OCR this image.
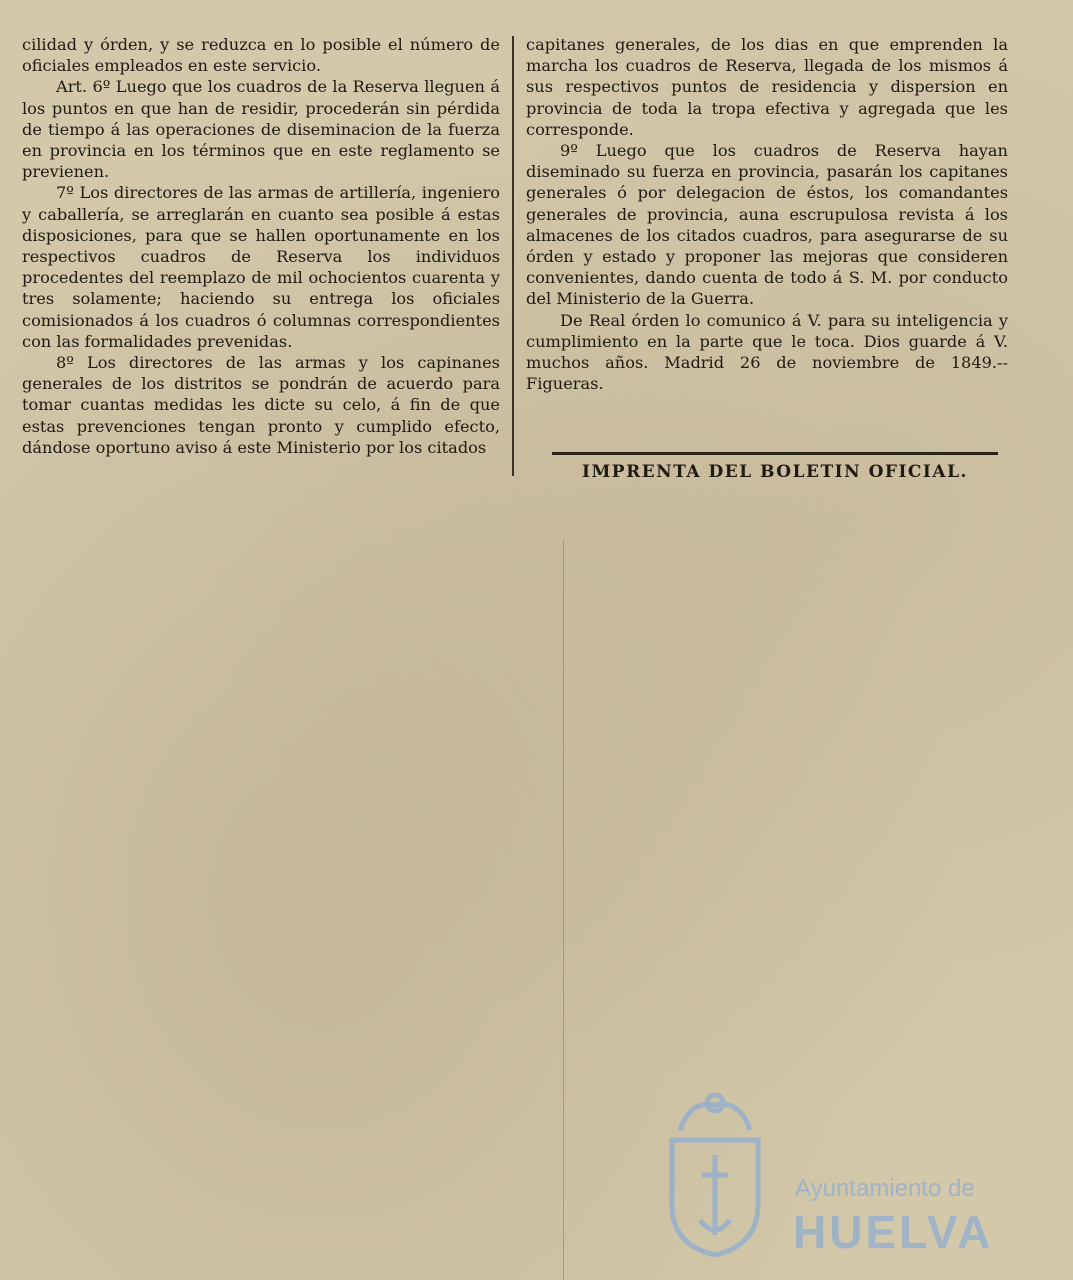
cilidad y órden, y se reduzca en lo posible el número de oficiales empleados en este servicio.

Art. 6º Luego que los cuadros de la Reserva lleguen á los puntos en que han de residir, procederán sin pérdida de tiempo á las operaciones de diseminacion de la fuerza en provincia en los términos que en este reglamento se previenen.

7º Los directores de las armas de artillería, ingeniero y caballería, se arreglarán en cuanto sea posible á estas disposiciones, para que se hallen oportunamente en los respectivos cuadros de Reserva los individuos procedentes del reemplazo de mil ochocientos cuarenta y tres solamente; haciendo su entrega los oficiales comisionados á los cuadros ó columnas correspondientes con las formalidades prevenidas.

8º Los directores de las armas y los capinanes generales de los distritos se pondrán de acuerdo para tomar cuantas medidas les dicte su celo, á fin de que estas prevenciones tengan pronto y cumplido efecto, dándose oportuno aviso á este Ministerio por los citados

capitanes generales, de los dias en que emprenden la marcha los cuadros de Reserva, llegada de los mismos á sus respectivos puntos de residencia y dispersion en provincia de toda la tropa efectiva y agregada que les corresponde.

9º Luego que los cuadros de Reserva hayan diseminado su fuerza en provincia, pasarán los capitanes generales ó por delegacion de éstos, los comandantes generales de provincia, auna escrupulosa revista á los almacenes de los citados cuadros, para asegurarse de su órden y estado y proponer las mejoras que consideren convenientes, dando cuenta de todo á S. M. por conducto del Ministerio de la Guerra.

De Real órden lo comunico á V. para su inteligencia y cumplimiento en la parte que le toca. Dios guarde á V. muchos años. Madrid 26 de noviembre de 1849.--Figueras.

IMPRENTA DEL BOLETIN OFICIAL.
Ayuntamiento de
HUELVA
